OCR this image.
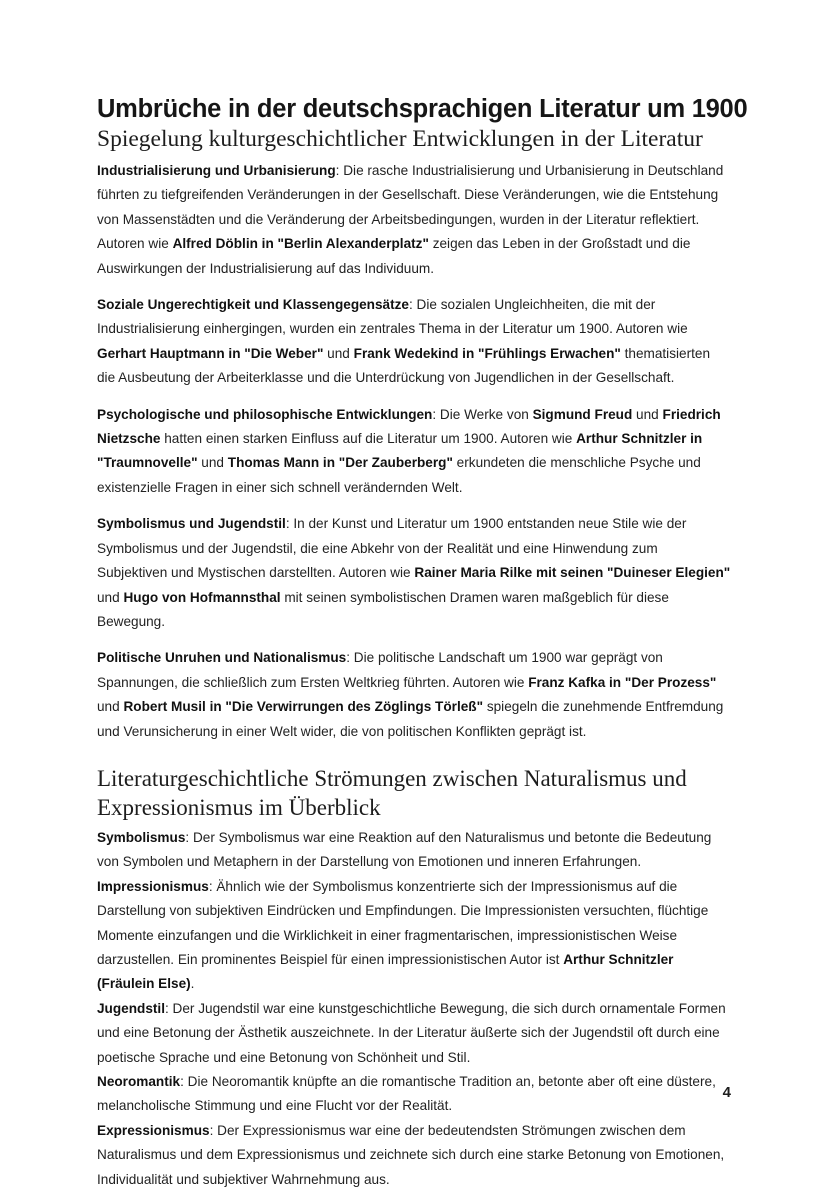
Umbrüche in der deutschsprachigen Literatur um 1900
Spiegelung kulturgeschichtlicher Entwicklungen in der Literatur

Industrialisierung und Urbanisierung: Die rasche Industrialisierung und Urbanisierung in Deutschland führten zu tiefgreifenden Veränderungen in der Gesellschaft. Diese Veränderungen, wie die Entstehung von Massenstädten und die Veränderung der Arbeitsbedingungen, wurden in der Literatur reflektiert. Autoren wie Alfred Döblin in "Berlin Alexanderplatz" zeigen das Leben in der Großstadt und die Auswirkungen der Industrialisierung auf das Individuum.

Soziale Ungerechtigkeit und Klassengegensätze: Die sozialen Ungleichheiten, die mit der Industrialisierung einhergingen, wurden ein zentrales Thema in der Literatur um 1900. Autoren wie Gerhart Hauptmann in "Die Weber" und Frank Wedekind in "Frühlings Erwachen" thematisierten die Ausbeutung der Arbeiterklasse und die Unterdrückung von Jugendlichen in der Gesellschaft.

Psychologische und philosophische Entwicklungen: Die Werke von Sigmund Freud und Friedrich Nietzsche hatten einen starken Einfluss auf die Literatur um 1900. Autoren wie Arthur Schnitzler in "Traumnovelle" und Thomas Mann in "Der Zauberberg" erkundeten die menschliche Psyche und existenzielle Fragen in einer sich schnell verändernden Welt.

Symbolismus und Jugendstil: In der Kunst und Literatur um 1900 entstanden neue Stile wie der Symbolismus und der Jugendstil, die eine Abkehr von der Realität und eine Hinwendung zum Subjektiven und Mystischen darstellten. Autoren wie Rainer Maria Rilke mit seinen "Duineser Elegien" und Hugo von Hofmannsthal mit seinen symbolistischen Dramen waren maßgeblich für diese Bewegung.

Politische Unruhen und Nationalismus: Die politische Landschaft um 1900 war geprägt von Spannungen, die schließlich zum Ersten Weltkrieg führten. Autoren wie Franz Kafka in "Der Prozess" und Robert Musil in "Die Verwirrungen des Zöglings Törleß" spiegeln die zunehmende Entfremdung und Verunsicherung in einer Welt wider, die von politischen Konflikten geprägt ist.

Literaturgeschichtliche Strömungen zwischen Naturalismus und Expressionismus im Überblick

Symbolismus: Der Symbolismus war eine Reaktion auf den Naturalismus und betonte die Bedeutung von Symbolen und Metaphern in der Darstellung von Emotionen und inneren Erfahrungen.

Impressionismus: Ähnlich wie der Symbolismus konzentrierte sich der Impressionismus auf die Darstellung von subjektiven Eindrücken und Empfindungen. Die Impressionisten versuchten, flüchtige Momente einzufangen und die Wirklichkeit in einer fragmentarischen, impressionistischen Weise darzustellen. Ein prominentes Beispiel für einen impressionistischen Autor ist Arthur Schnitzler (Fräulein Else).

Jugendstil: Der Jugendstil war eine kunstgeschichtliche Bewegung, die sich durch ornamentale Formen und eine Betonung der Ästhetik auszeichnete. In der Literatur äußerte sich der Jugendstil oft durch eine poetische Sprache und eine Betonung von Schönheit und Stil.

Neoromantik: Die Neoromantik knüpfte an die romantische Tradition an, betonte aber oft eine düstere, melancholische Stimmung und eine Flucht vor der Realität.

Expressionismus: Der Expressionismus war eine der bedeutendsten Strömungen zwischen dem Naturalismus und dem Expressionismus und zeichnete sich durch eine starke Betonung von Emotionen, Individualität und subjektiver Wahrnehmung aus.

4
